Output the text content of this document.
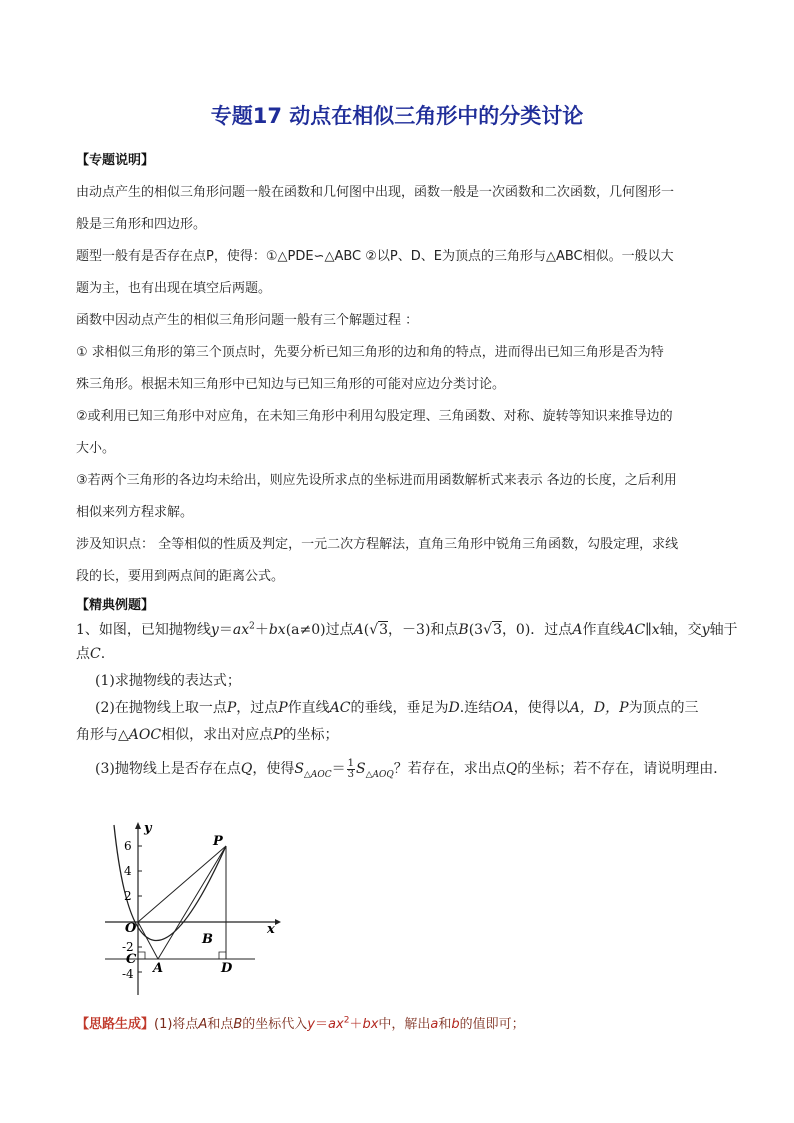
专题17 动点在相似三角形中的分类讨论
【专题说明】
由动点产生的相似三角形问题一般在函数和几何图中出现，函数一般是一次函数和二次函数，几何图形一
般是三角形和四边形。
题型一般有是否存在点P，使得：①△PDE∽△ABC ②以P、D、E为顶点的三角形与△ABC相似。一般以大
题为主，也有出现在填空后两题。
函数中因动点产生的相似三角形问题一般有三个解题过程 ：
① 求相似三角形的第三个顶点时，先要分析已知三角形的边和角的特点，进而得出已知三角形是否为特
殊三角形。根据未知三角形中已知边与已知三角形的可能对应边分类讨论。
②或利用已知三角形中对应角，在未知三角形中利用勾股定理、三角函数、对称、旋转等知识来推导边的
大小。
③若两个三角形的各边均未给出，则应先设所求点的坐标进而用函数解析式来表示 各边的长度，之后利用
相似来列方程求解。
涉及知识点： 全等相似的性质及判定，一元二次方程解法，直角三角形中锐角三角函数，勾股定理，求线
段的长，要用到两点间的距离公式。
【精典例题】
1、如图，已知抛物线$y=ax^2+bx(a\ne 0)$过点A(√3，－3)和点B(3√3，0)．过点A作直线AC∥x轴，交y轴于
点C.
(1)求抛物线的表达式；
(2)在抛物线上取一点P，过点P作直线AC的垂线，垂足为D.连结OA，使得以A，D，P为顶点的三
角形与△AOC相似，求出对应点P的坐标；
(3)抛物线上是否存在点Q，使得$S_{\triangle AOC}= \frac{1}{3} S_{\triangle AOQ}$？若存在，求出点Q的坐标；若不存在，请说明理由．
y
x
6
4
2
-2
-4
O
P
B
C
A	D
【思路生成】(1)将点A和点B的坐标代入$y=ax^2+bx$中，解出a和b的值即可；
